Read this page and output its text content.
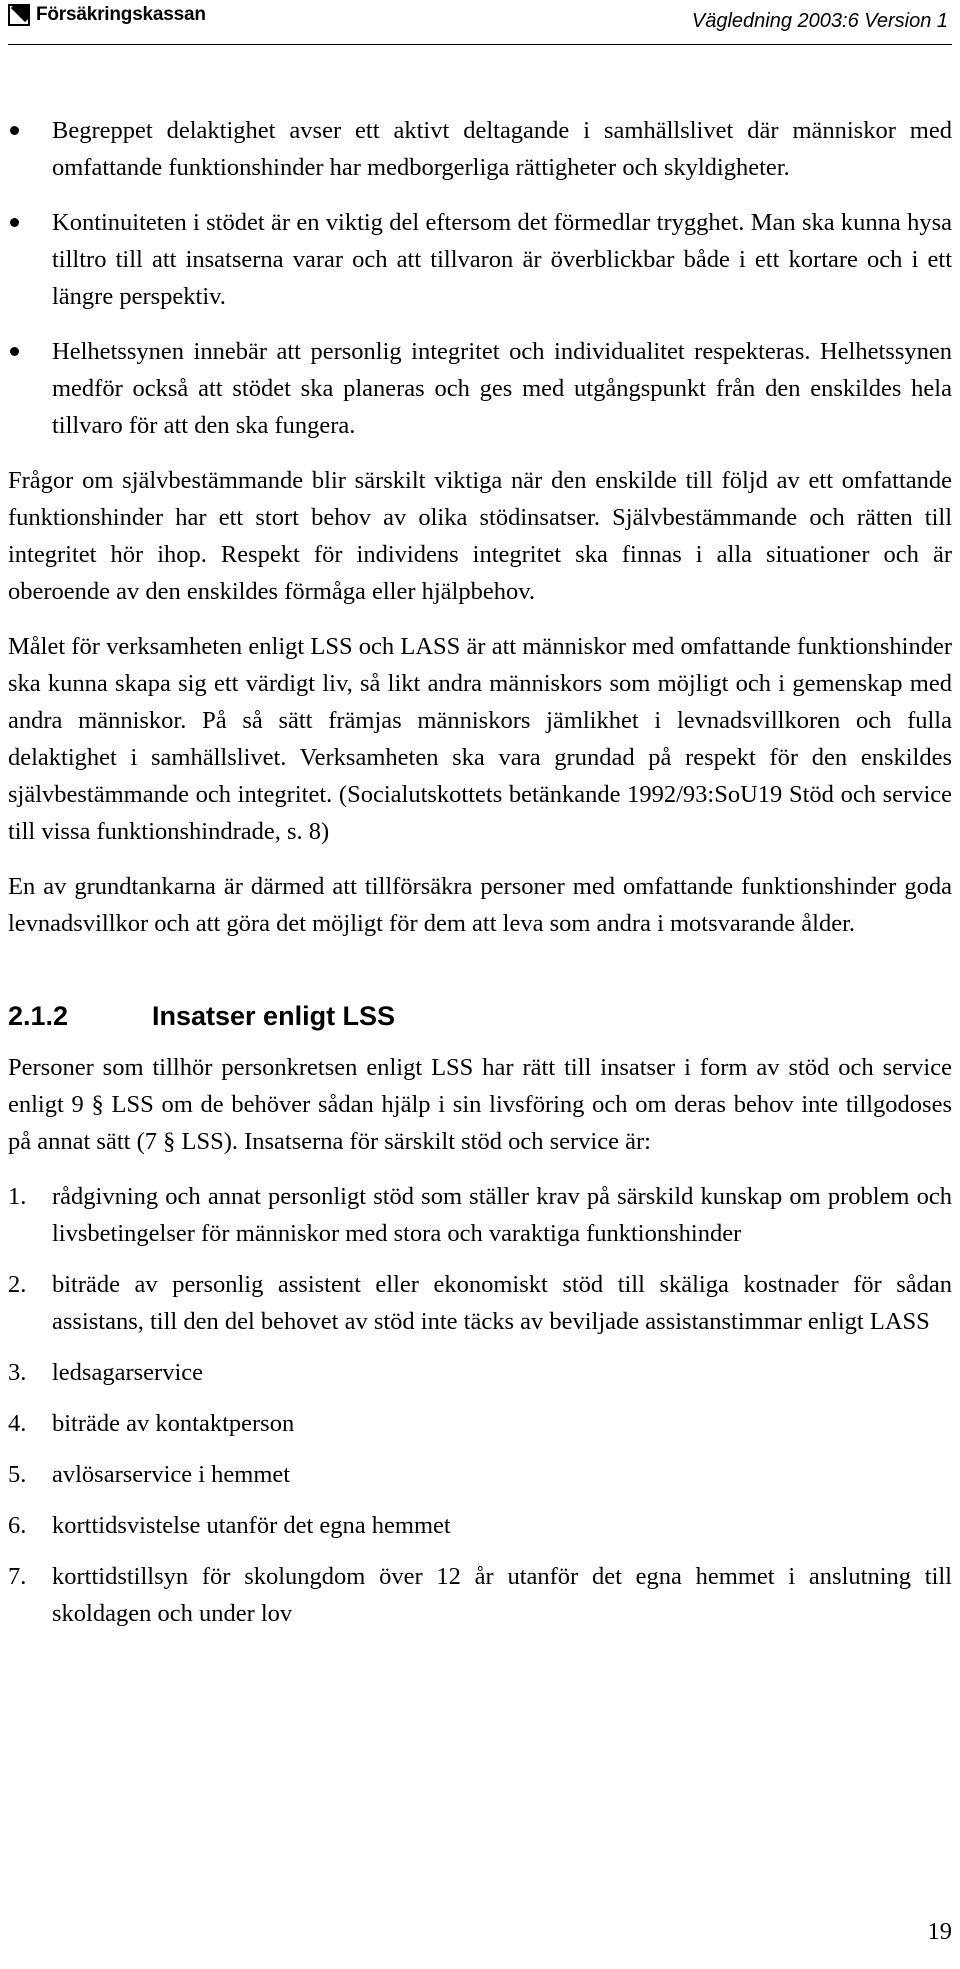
Försäkringskassan	Vägledning 2003:6 Version 1
Begreppet delaktighet avser ett aktivt deltagande i samhällslivet där människor med omfattande funktionshinder har medborgerliga rättigheter och skyldigheter.
Kontinuiteten i stödet är en viktig del eftersom det förmedlar trygghet. Man ska kunna hysa tilltro till att insatserna varar och att tillvaron är överblickbar både i ett kortare och i ett längre perspektiv.
Helhetssynen innebär att personlig integritet och individualitet respekteras. Helhetssynen medför också att stödet ska planeras och ges med utgångspunkt från den enskildes hela tillvaro för att den ska fungera.

Frågor om självbestämmande blir särskilt viktiga när den enskilde till följd av ett omfattande funktionshinder har ett stort behov av olika stödinsatser. Självbestämmande och rätten till integritet hör ihop. Respekt för individens integritet ska finnas i alla situationer och är oberoende av den enskildes förmåga eller hjälpbehov.

Målet för verksamheten enligt LSS och LASS är att människor med omfattande funktionshinder ska kunna skapa sig ett värdigt liv, så likt andra människors som möjligt och i gemenskap med andra människor. På så sätt främjas människors jämlikhet i levnadsvillkoren och fulla delaktighet i samhällslivet. Verksamheten ska vara grundad på respekt för den enskildes självbestämmande och integritet. (Socialutskottets betänkande 1992/93:SoU19 Stöd och service till vissa funktionshindrade, s. 8)

En av grundtankarna är därmed att tillförsäkra personer med omfattande funktionshinder goda levnadsvillkor och att göra det möjligt för dem att leva som andra i motsvarande ålder.

2.1.2	Insatser enligt LSS

Personer som tillhör personkretsen enligt LSS har rätt till insatser i form av stöd och service enligt 9 § LSS om de behöver sådan hjälp i sin livsföring och om deras behov inte tillgodoses på annat sätt (7 § LSS). Insatserna för särskilt stöd och service är:

1. rådgivning och annat personligt stöd som ställer krav på särskild kunskap om problem och livsbetingelser för människor med stora och varaktiga funktionshinder
2. biträde av personlig assistent eller ekonomiskt stöd till skäliga kostnader för sådan assistans, till den del behovet av stöd inte täcks av beviljade assistanstimmar enligt LASS
3. ledsagarservice
4. biträde av kontaktperson
5. avlösarservice i hemmet
6. korttidsvistelse utanför det egna hemmet
7. korttidstillsyn för skolungdom över 12 år utanför det egna hemmet i anslutning till skoldagen och under lov
19
